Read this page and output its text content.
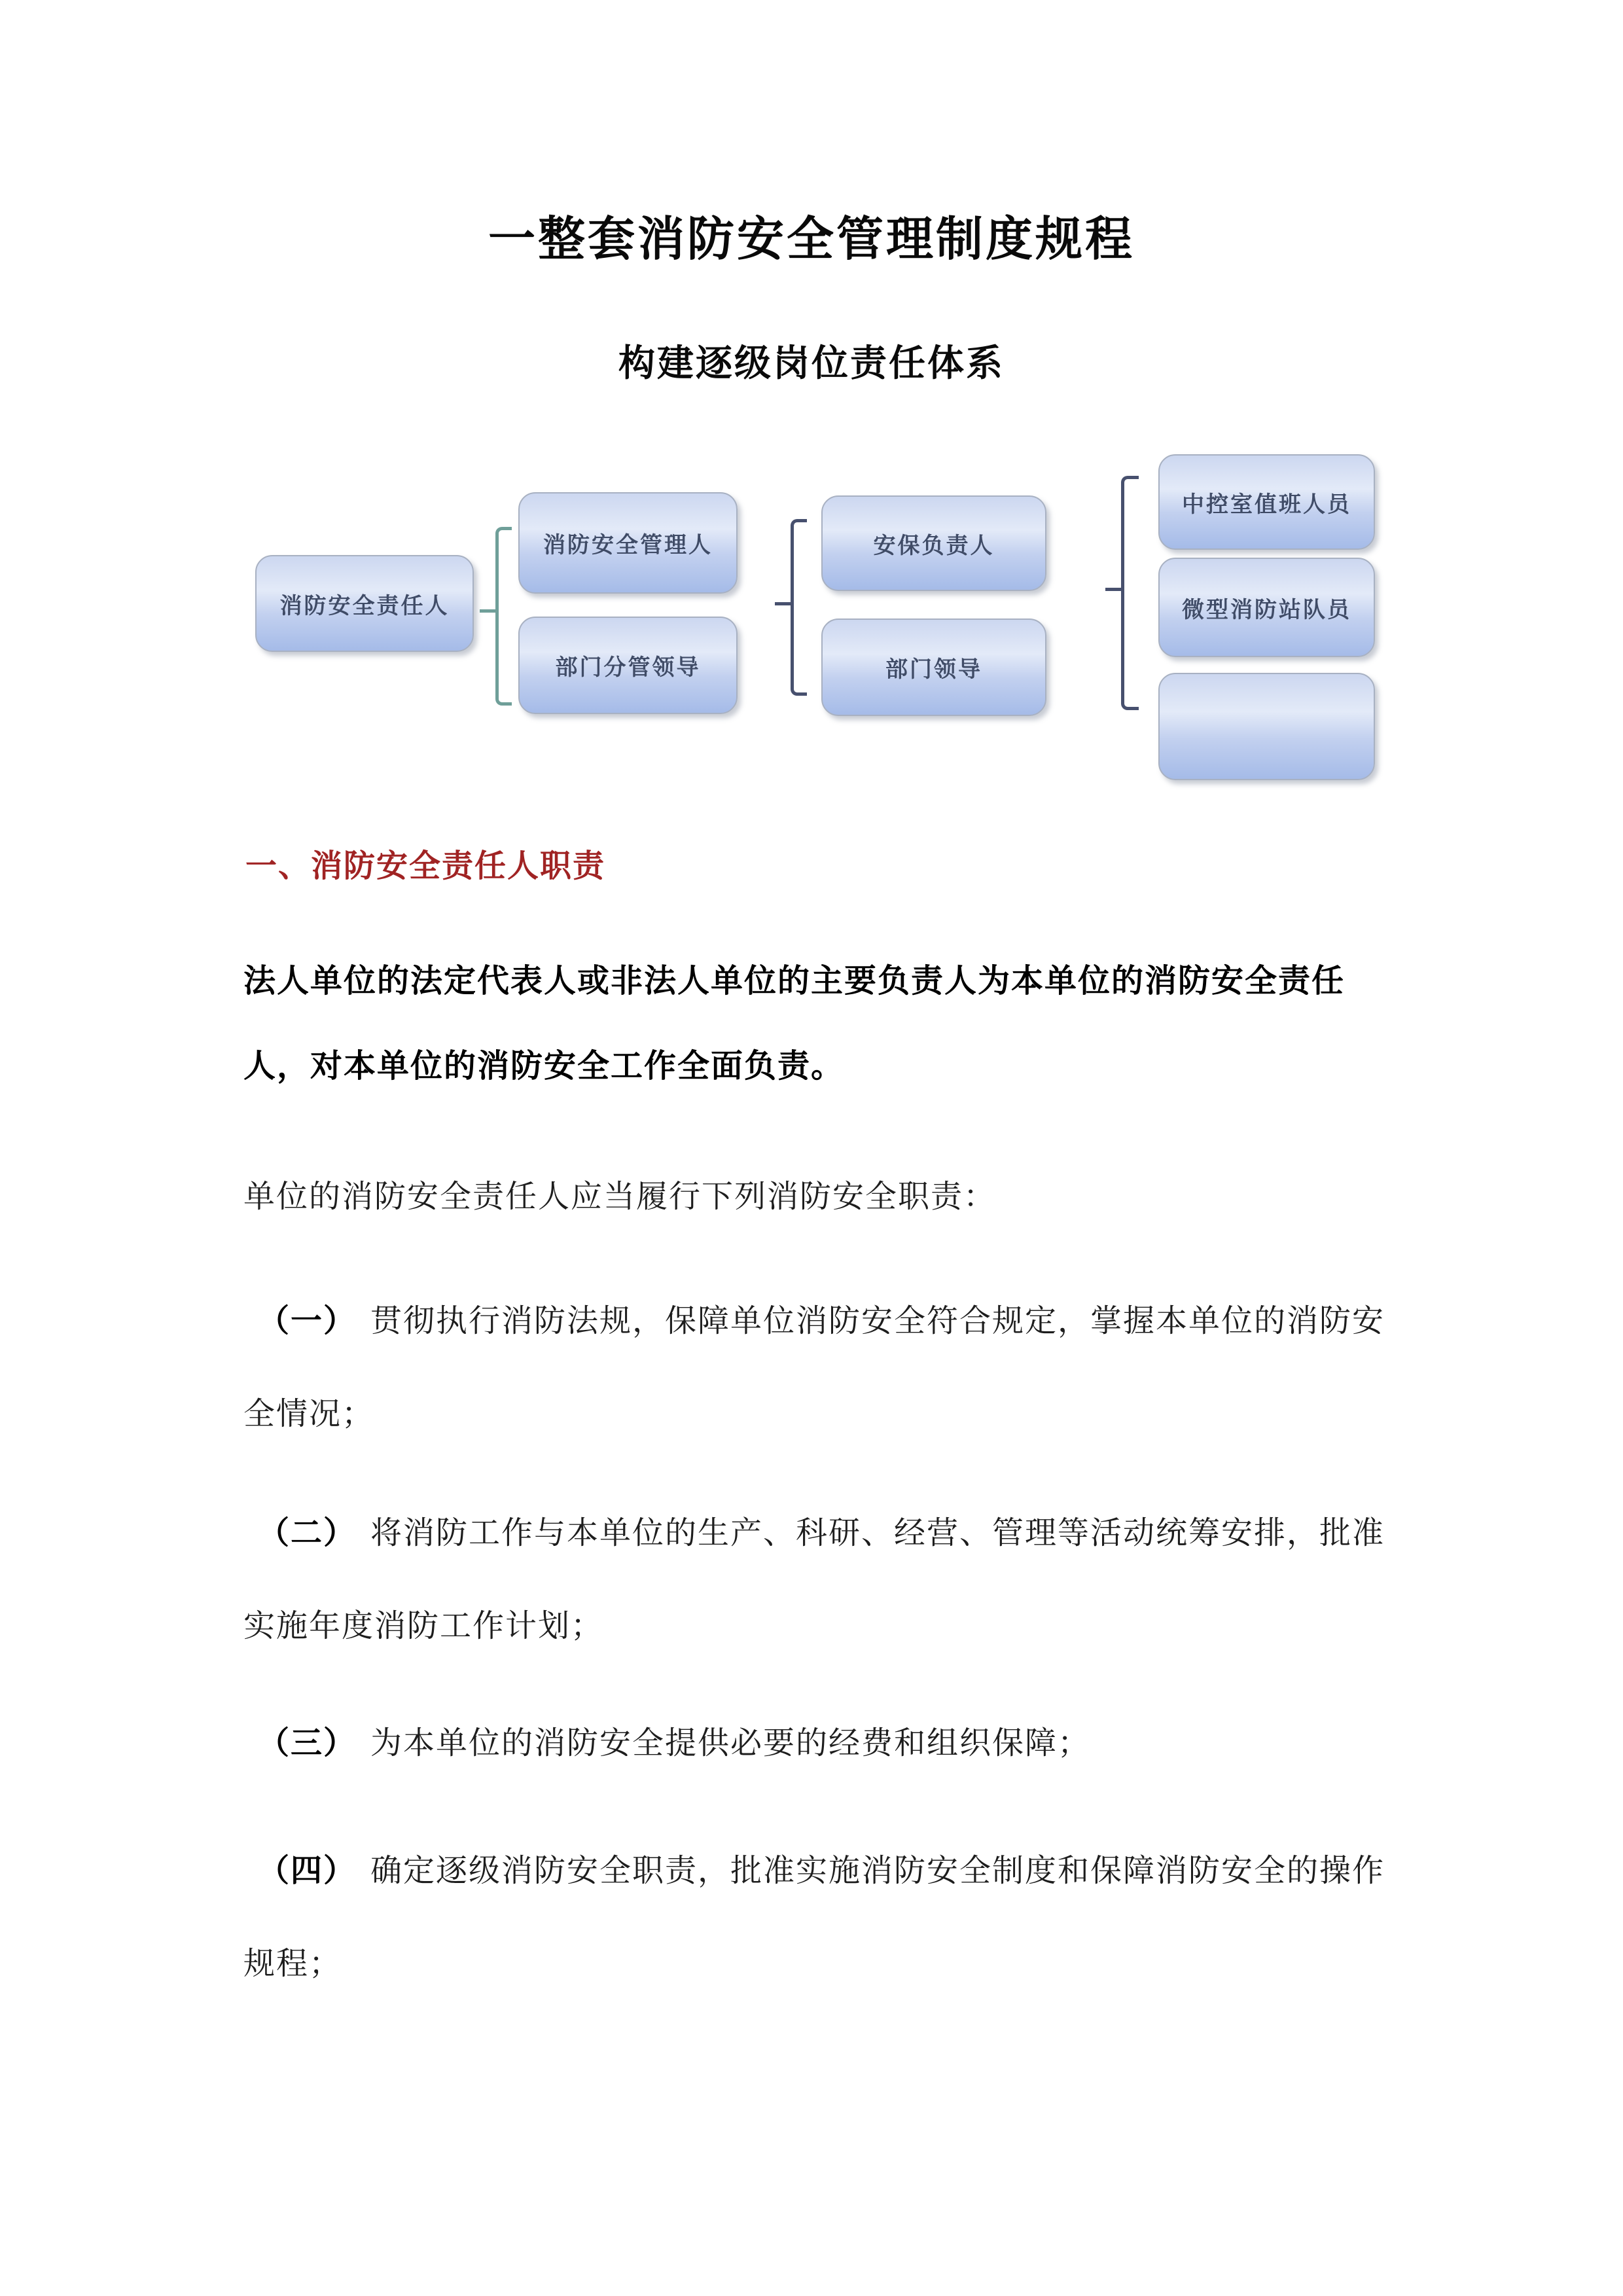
一整套消防安全管理制度规程
构建逐级岗位责任体系
消防安全责任人
消防安全管理人
部门分管领导
安保负责人
部门领导
中控室值班人员
微型消防站队员
一、消防安全责任人职责
法人单位的法定代表人或非法人单位的主要负责人为本单位的消防安全责任
人，对本单位的消防安全工作全面负责。
单位的消防安全责任人应当履行下列消防安全职责：
（一） 贯彻执行消防法规，保障单位消防安全符合规定，掌握本单位的消防安
全情况；
（二） 将消防工作与本单位的生产、科研、经营、管理等活动统筹安排，批准
实施年度消防工作计划；
（三） 为本单位的消防安全提供必要的经费和组织保障；
（四） 确定逐级消防安全职责，批准实施消防安全制度和保障消防安全的操作
规程；
